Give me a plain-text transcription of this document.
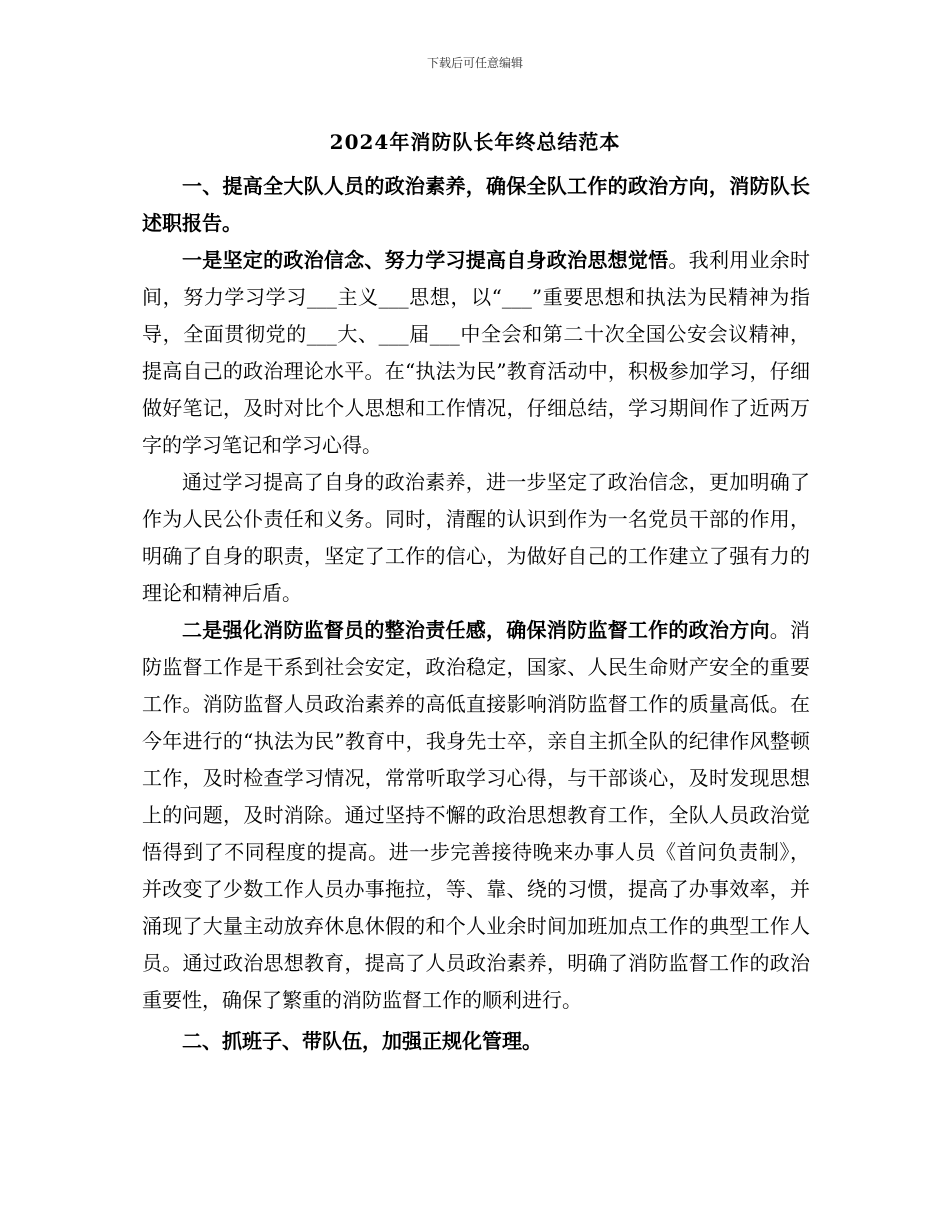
下载后可任意编辑
2024年消防队长年终总结范本

一、提高全大队人员的政治素养，确保全队工作的政治方向，消防队长述职报告。

一是坚定的政治信念、努力学习提高自身政治思想觉悟。我利用业余时间，努力学习学习___主义___思想，以“___”重要思想和执法为民精神为指导，全面贯彻党的___大、___届___中全会和第二十次全国公安会议精神，提高自己的政治理论水平。在“执法为民”教育活动中，积极参加学习，仔细做好笔记，及时对比个人思想和工作情况，仔细总结，学习期间作了近两万字的学习笔记和学习心得。

通过学习提高了自身的政治素养，进一步坚定了政治信念，更加明确了作为人民公仆责任和义务。同时，清醒的认识到作为一名党员干部的作用，明确了自身的职责，坚定了工作的信心，为做好自己的工作建立了强有力的理论和精神后盾。

二是强化消防监督员的整治责任感，确保消防监督工作的政治方向。消防监督工作是干系到社会安定，政治稳定，国家、人民生命财产安全的重要工作。消防监督人员政治素养的高低直接影响消防监督工作的质量高低。在今年进行的“执法为民”教育中，我身先士卒，亲自主抓全队的纪律作风整顿工作，及时检查学习情况，常常听取学习心得，与干部谈心，及时发现思想上的问题，及时消除。通过坚持不懈的政治思想教育工作，全队人员政治觉悟得到了不同程度的提高。进一步完善接待晚来办事人员《首问负责制》，并改变了少数工作人员办事拖拉，等、靠、绕的习惯，提高了办事效率，并涌现了大量主动放弃休息休假的和个人业余时间加班加点工作的典型工作人员。通过政治思想教育，提高了人员政治素养，明确了消防监督工作的政治重要性，确保了繁重的消防监督工作的顺利进行。

二、抓班子、带队伍，加强正规化管理。
